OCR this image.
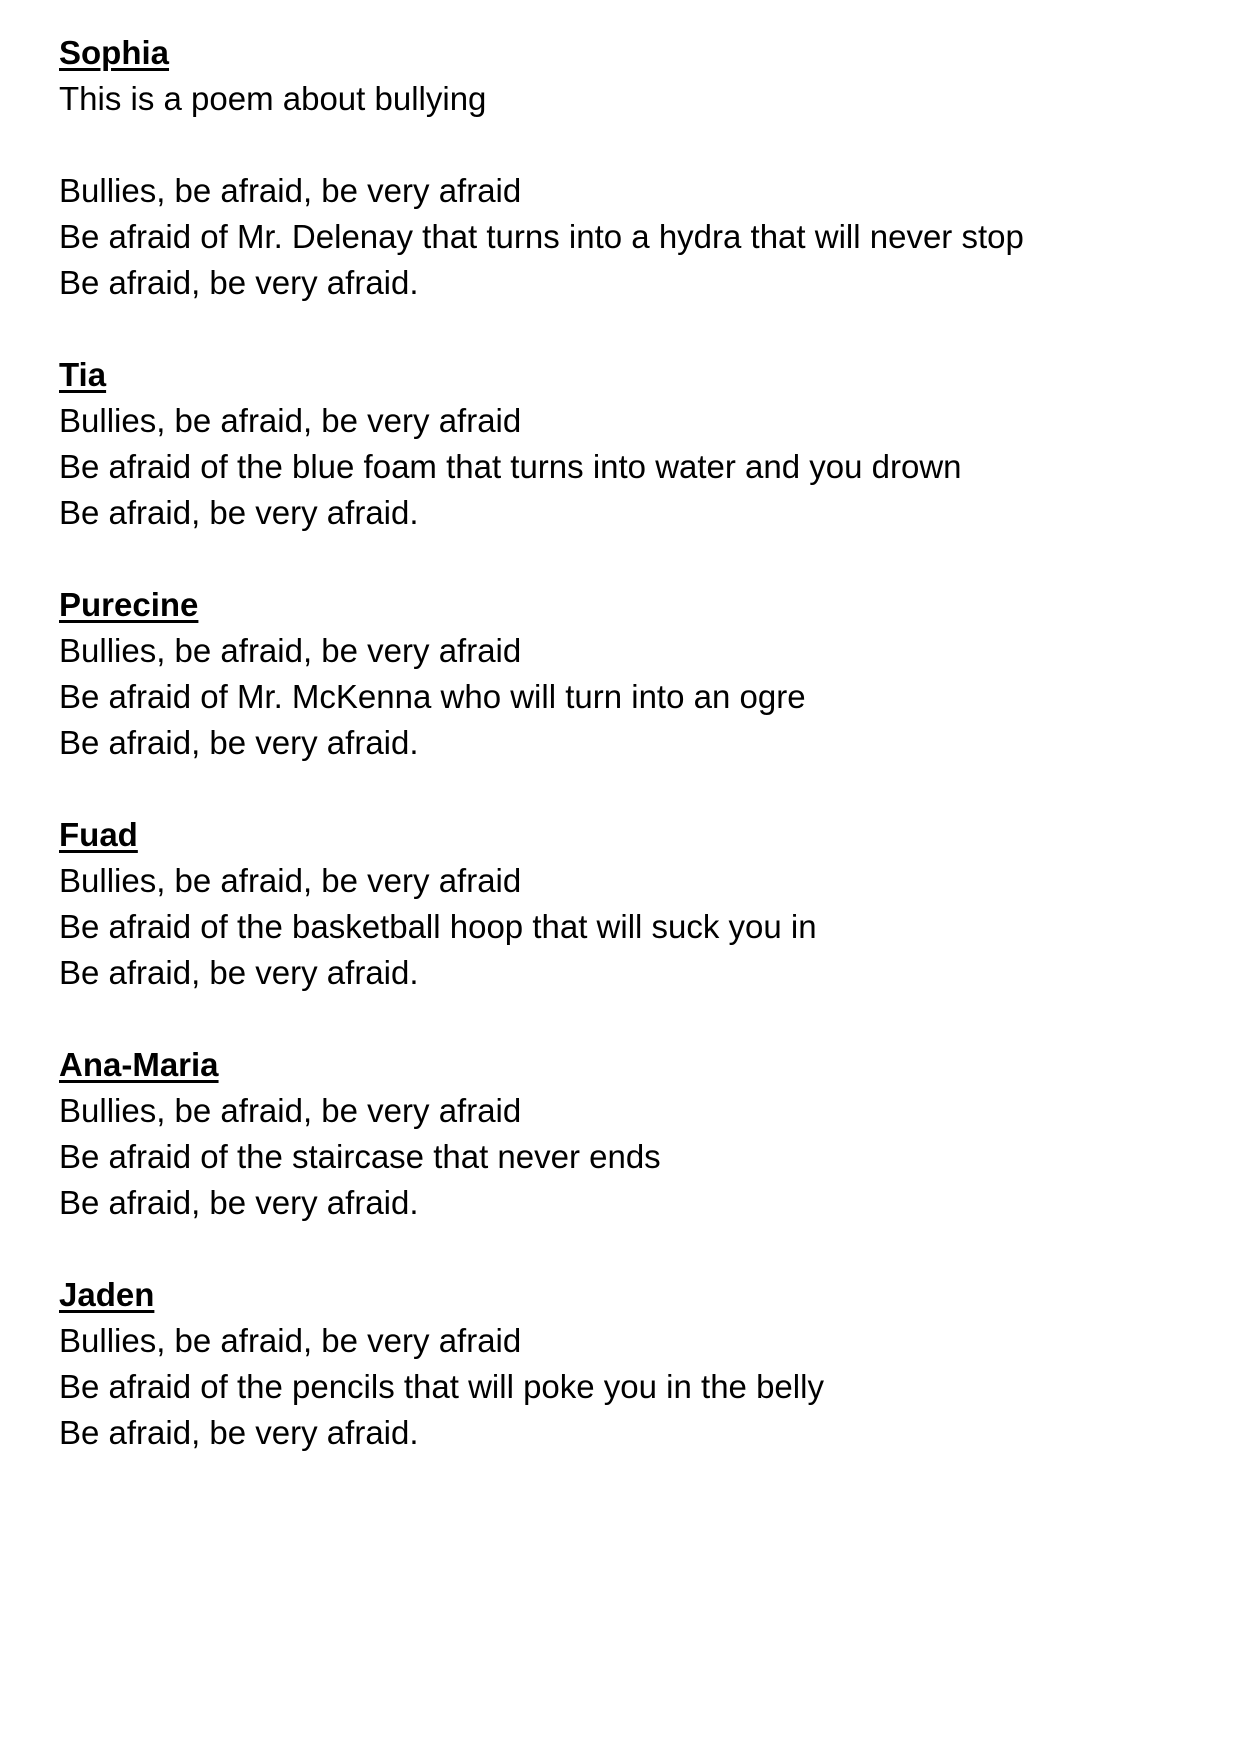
Sophia
This is a poem about bullying
Bullies, be afraid, be very afraid
Be afraid of Mr. Delenay that turns into a hydra that will never stop
Be afraid, be very afraid.
Tia
Bullies, be afraid, be very afraid
Be afraid of the blue foam that turns into water and you drown
Be afraid, be very afraid.
Purecine
Bullies, be afraid, be very afraid
Be afraid of Mr. McKenna who will turn into an ogre
Be afraid, be very afraid.
Fuad
Bullies, be afraid, be very afraid
Be afraid of the basketball hoop that will suck you in
Be afraid, be very afraid.
Ana-Maria
Bullies, be afraid, be very afraid
Be afraid of the staircase that never ends
Be afraid, be very afraid.
Jaden
Bullies, be afraid, be very afraid
Be afraid of the pencils that will poke you in the belly
Be afraid, be very afraid.
